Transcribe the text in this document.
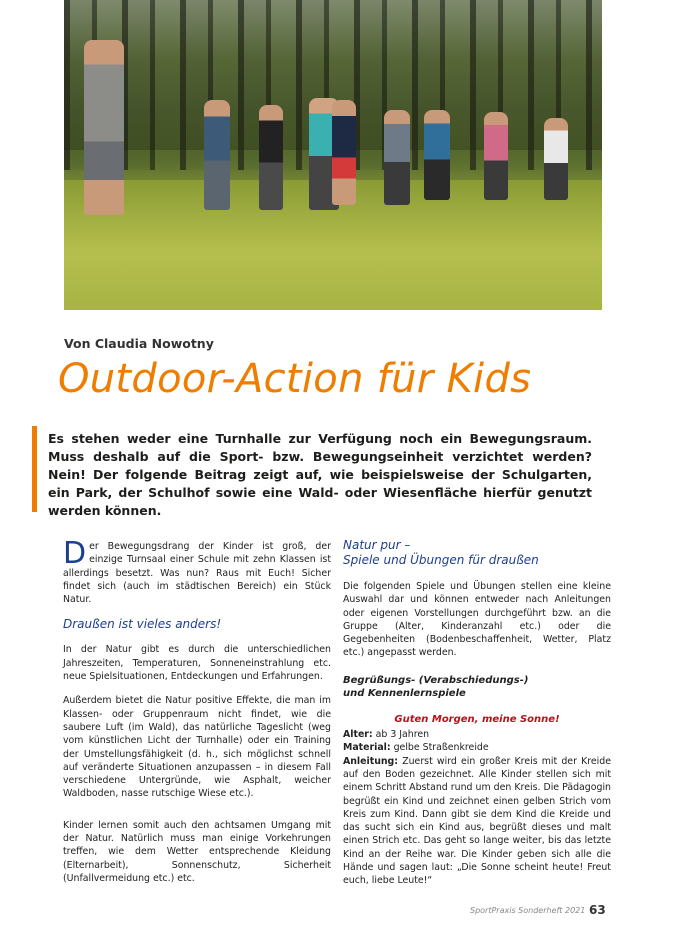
Von Claudia Nowotny
Outdoor-Action für Kids
Es stehen weder eine Turnhalle zur Verfügung noch ein Bewegungsraum. Muss deshalb auf die Sport- bzw. Bewegungseinheit verzichtet werden? Nein! Der folgende Beitrag zeigt auf, wie beispielsweise der Schulgarten, ein Park, der Schulhof sowie eine Wald- oder Wiesenfläche hierfür genutzt werden können.

Der Bewegungsdrang der Kinder ist groß, der einzige Turnsaal einer Schule mit zehn Klassen ist allerdings besetzt. Was nun? Raus mit Euch! Sicher findet sich (auch im städtischen Bereich) ein Stück Natur.

Draußen ist vieles anders!

In der Natur gibt es durch die unterschiedlichen Jahreszeiten, Temperaturen, Sonneneinstrahlung etc. neue Spielsituationen, Entdeckungen und Erfahrungen.

Außerdem bietet die Natur positive Effekte, die man im Klassen- oder Gruppenraum nicht findet, wie die saubere Luft (im Wald), das natürliche Tageslicht (weg vom künstlichen Licht der Turnhalle) oder ein Training der Umstellungsfähigkeit (d. h., sich möglichst schnell auf veränderte Situationen anzupassen – in diesem Fall verschiedene Untergründe, wie Asphalt, weicher Waldboden, nasse rutschige Wiese etc.).

Kinder lernen somit auch den achtsamen Umgang mit der Natur. Natürlich muss man einige Vorkehrungen treffen, wie dem Wetter entsprechende Kleidung (Elternarbeit), Sonnenschutz, Sicherheit (Unfallvermeidung etc.) etc.

Natur pur –
Spiele und Übungen für draußen

Die folgenden Spiele und Übungen stellen eine kleine Auswahl dar und können entweder nach Anleitungen oder eigenen Vorstellungen durchgeführt bzw. an die Gruppe (Alter, Kinderanzahl etc.) oder die Gegebenheiten (Bodenbeschaffenheit, Wetter, Platz etc.) angepasst werden.

Begrüßungs- (Verabschiedungs-)
und Kennenlernspiele
Guten Morgen, meine Sonne!

Alter: ab 3 Jahren

Material: gelbe Straßenkreide

Anleitung: Zuerst wird ein großer Kreis mit der Kreide auf den Boden gezeichnet. Alle Kinder stellen sich mit einem Schritt Abstand rund um den Kreis. Die Pädagogin begrüßt ein Kind und zeichnet einen gelben Strich vom Kreis zum Kind. Dann gibt sie dem Kind die Kreide und das sucht sich ein Kind aus, begrüßt dieses und malt einen Strich etc. Das geht so lange weiter, bis das letzte Kind an der Reihe war. Die Kinder geben sich alle die Hände und sagen laut: „Die Sonne scheint heute! Freut euch, liebe Leute!“

SportPraxis Sonderheft 2021 63
